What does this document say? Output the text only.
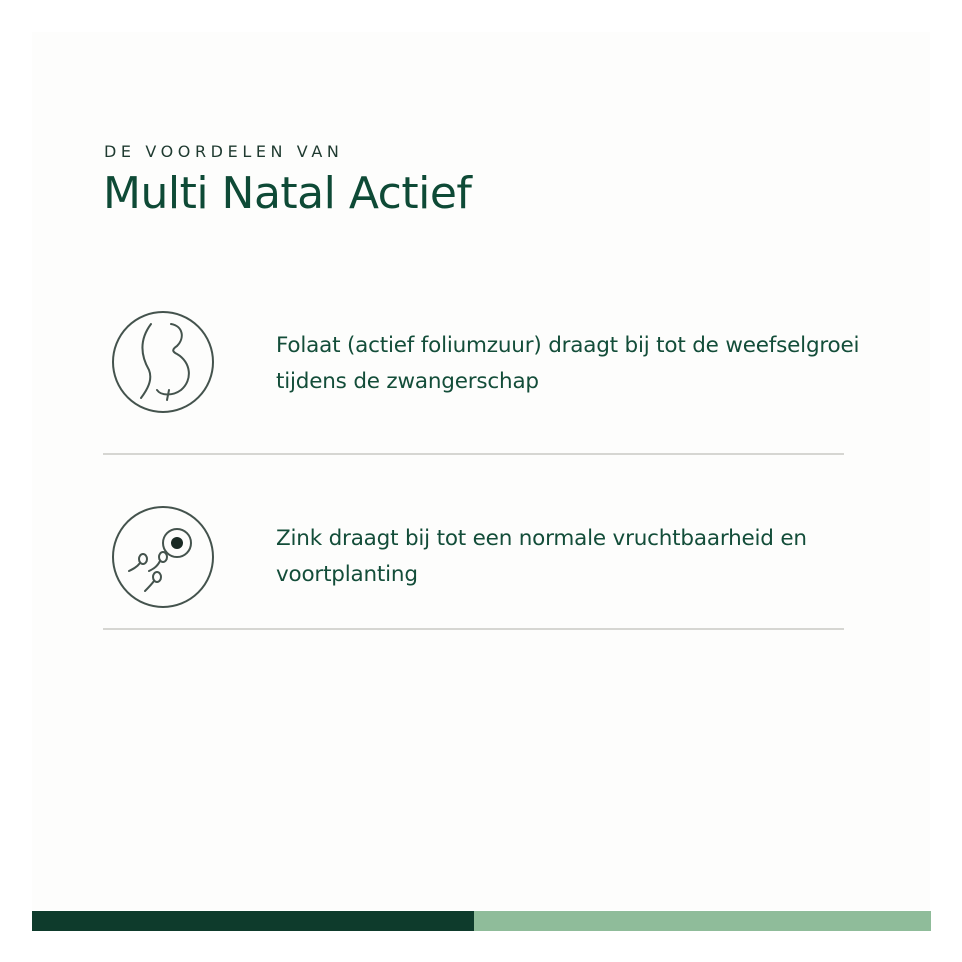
DE VOORDELEN VAN
Multi Natal Actief
Folaat (actief foliumzuur) draagt bij tot de weefselgroei tijdens de zwangerschap
Zink draagt bij tot een normale vruchtbaarheid en voortplanting
